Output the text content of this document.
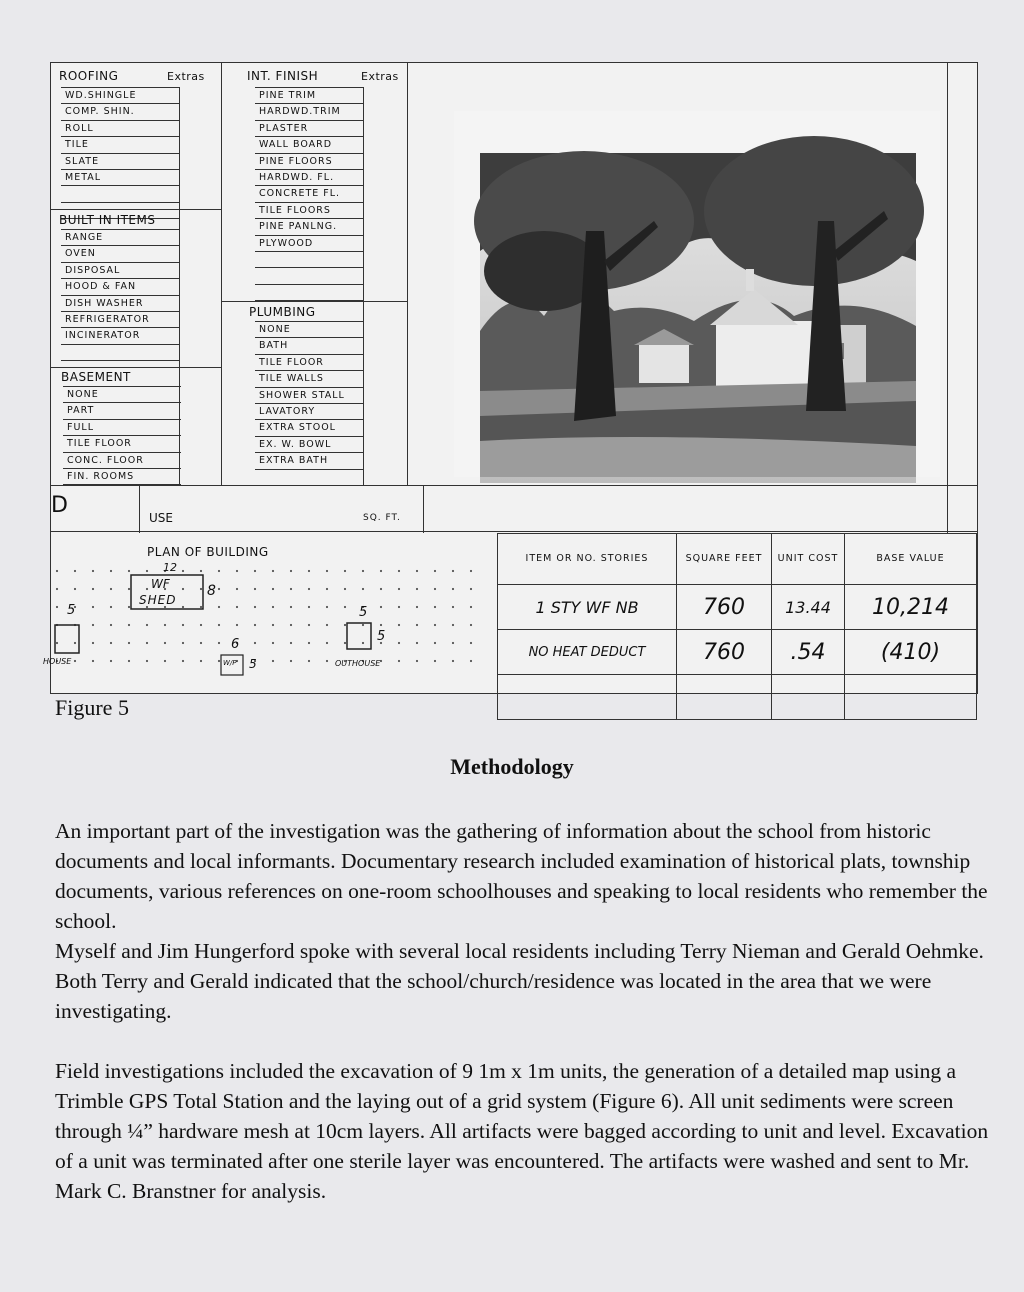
ROOFING	Extras
WD.SHINGLE
COMP. SHIN.
ROLL
TILE
SLATE
METAL
BUILT IN ITEMS
RANGE
OVEN
DISPOSAL
HOOD & FAN
DISH WASHER
REFRIGERATOR
INCINERATOR
BASEMENT
NONE
PART
FULL
TILE FLOOR
CONC. FLOOR
FIN. ROOMS
INT. FINISH	Extras
PINE TRIM
HARDWD.TRIM
PLASTER
WALL BOARD
PINE FLOORS
HARDWD. FL.
CONCRETE FL.
TILE FLOORS
PINE PANLNG.
PLYWOOD
PLUMBING
NONE
BATH
TILE FLOOR
TILE WALLS
SHOWER STALL
LAVATORY
EXTRA STOOL
EX. W. BOWL
EXTRA BATH
D	USE	SQ. FT.
PLAN OF BUILDING
WF
SHED
12
8
5	5
5
6
5
HOUSE	W/P	OUTHOUSE
ITEM OR NO. STORIES	SQUARE FEET	UNIT COST	BASE VALUE
1 STY WF NB	760	13.44	10,214
NO HEAT DEDUCT	760	.54	(410)

Figure 5
Methodology

An important part of the investigation was the gathering of information about the school from historic documents and local informants. Documentary research included examination of historical plats, township documents, various references on one-room schoolhouses and speaking to local residents who remember the school.

Myself and Jim Hungerford spoke with several local residents including Terry Nieman and Gerald Oehmke. Both Terry and Gerald indicated that the school/church/residence was located in the area that we were investigating.

Field investigations included the excavation of 9 1m x 1m units, the generation of a detailed map using a Trimble GPS Total Station and the laying out of a grid system (Figure 6). All unit sediments were screen through ¼” hardware mesh at 10cm layers. All artifacts were bagged according to unit and level. Excavation of a unit was terminated after one sterile layer was encountered. The artifacts were washed and sent to Mr. Mark C. Branstner for analysis.
